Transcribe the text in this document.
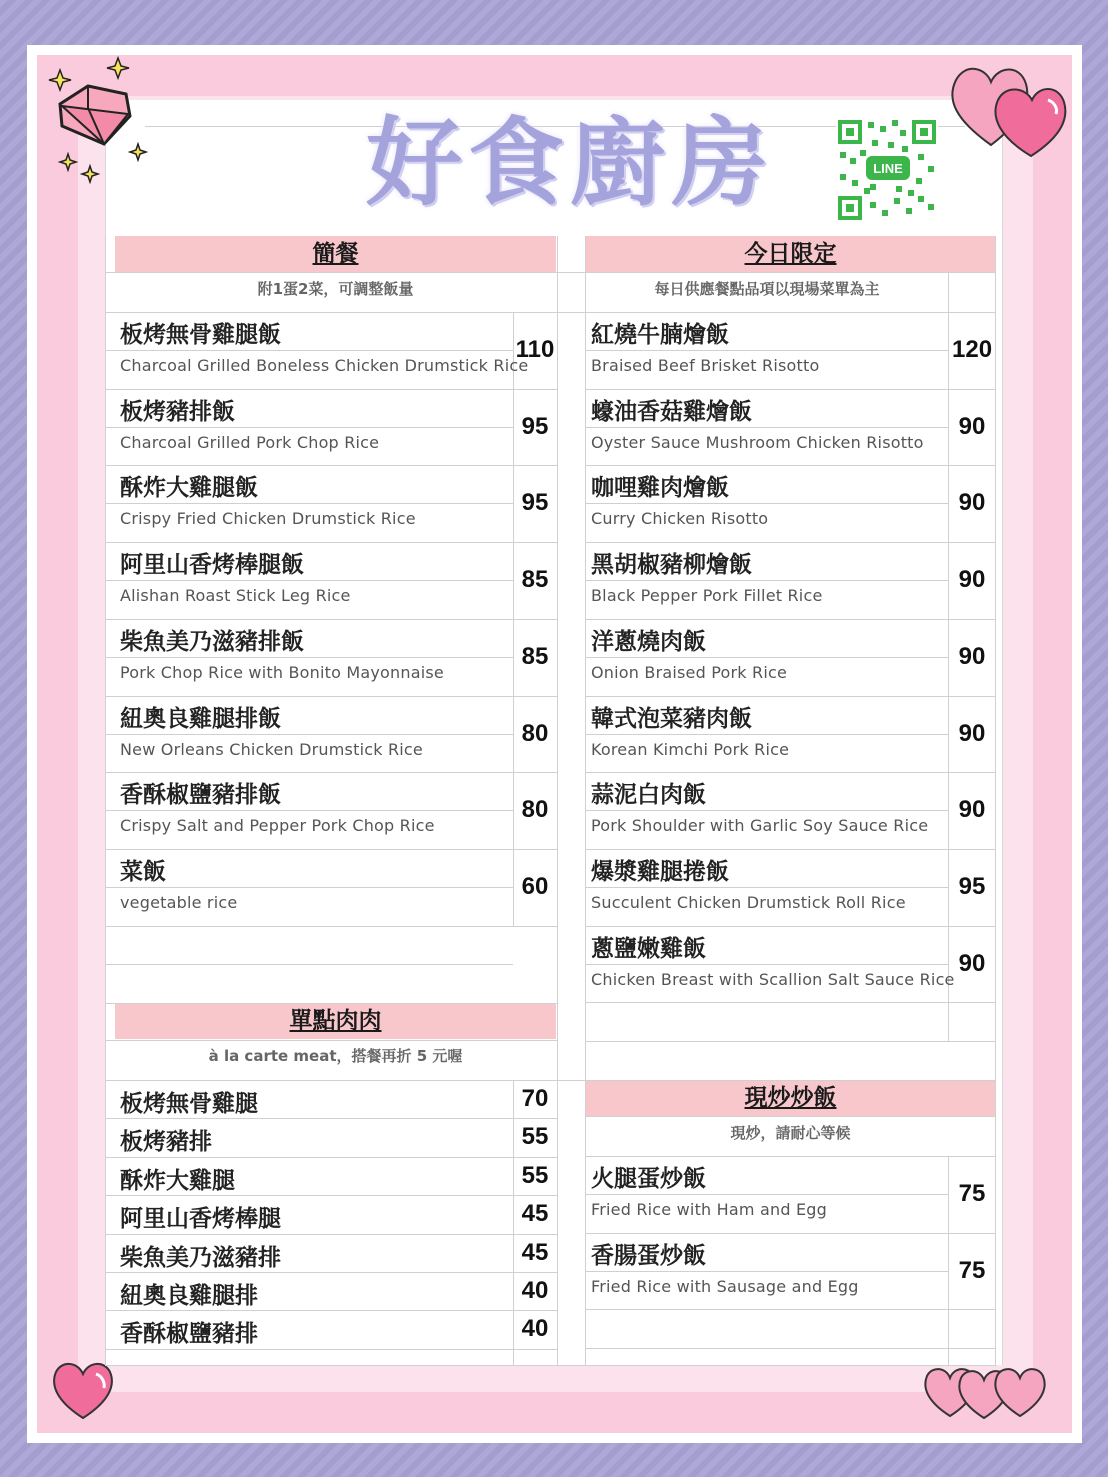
好食廚房	LINE
簡餐
附1蛋2菜，可調整飯量
今日限定
每日供應餐點品項以現場菜單為主
單點肉肉
à la carte meat，搭餐再折 5 元喔
現炒炒飯
現炒，請耐心等候
板烤無骨雞腿飯
Charcoal Grilled Boneless Chicken Drumstick Rice
110
板烤豬排飯
Charcoal Grilled Pork Chop Rice
95
酥炸大雞腿飯
Crispy Fried Chicken Drumstick Rice
95
阿里山香烤棒腿飯
Alishan Roast Stick Leg Rice
85
柴魚美乃滋豬排飯
Pork Chop Rice with Bonito Mayonnaise
85
紐奧良雞腿排飯
New Orleans Chicken Drumstick Rice
80
香酥椒鹽豬排飯
Crispy Salt and Pepper Pork Chop Rice
80
菜飯
vegetable rice
60
紅燒牛腩燴飯
Braised Beef Brisket Risotto
120
蠔油香菇雞燴飯
Oyster Sauce Mushroom Chicken Risotto
90
咖哩雞肉燴飯
Curry Chicken Risotto
90
黑胡椒豬柳燴飯
Black Pepper Pork Fillet Rice
90
洋蔥燒肉飯
Onion Braised Pork Rice
90
韓式泡菜豬肉飯
Korean Kimchi Pork Rice
90
蒜泥白肉飯
Pork Shoulder with Garlic Soy Sauce Rice
90
爆漿雞腿捲飯
Succulent Chicken Drumstick Roll Rice
95
蔥鹽嫩雞飯
Chicken Breast with Scallion Salt Sauce Rice
90
板烤無骨雞腿	70
板烤豬排	55
酥炸大雞腿	55
阿里山香烤棒腿	45
柴魚美乃滋豬排	45
紐奧良雞腿排	40
香酥椒鹽豬排	40
火腿蛋炒飯
Fried Rice with Ham and Egg
75
香腸蛋炒飯
Fried Rice with Sausage and Egg
75
